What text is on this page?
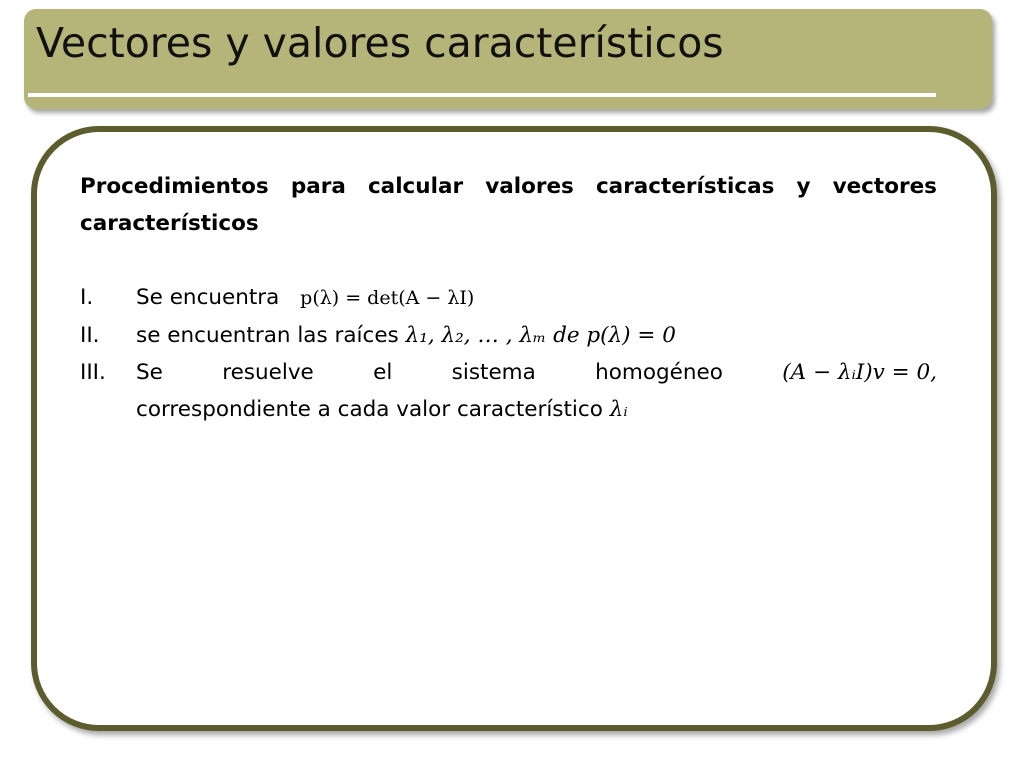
Vectores y valores característicos
Procedimientos para calcular valores características y vectores
característicos
I.	Se encuentra p(λ) = det(A − λI)
II.	se encuentran las raíces λ₁, λ₂, … , λₘ de p(λ) = 0
III.	Se	resuelve	el	sistema	homogéneo	(A − λᵢI)v = 0,
correspondiente a cada valor característico λᵢ
